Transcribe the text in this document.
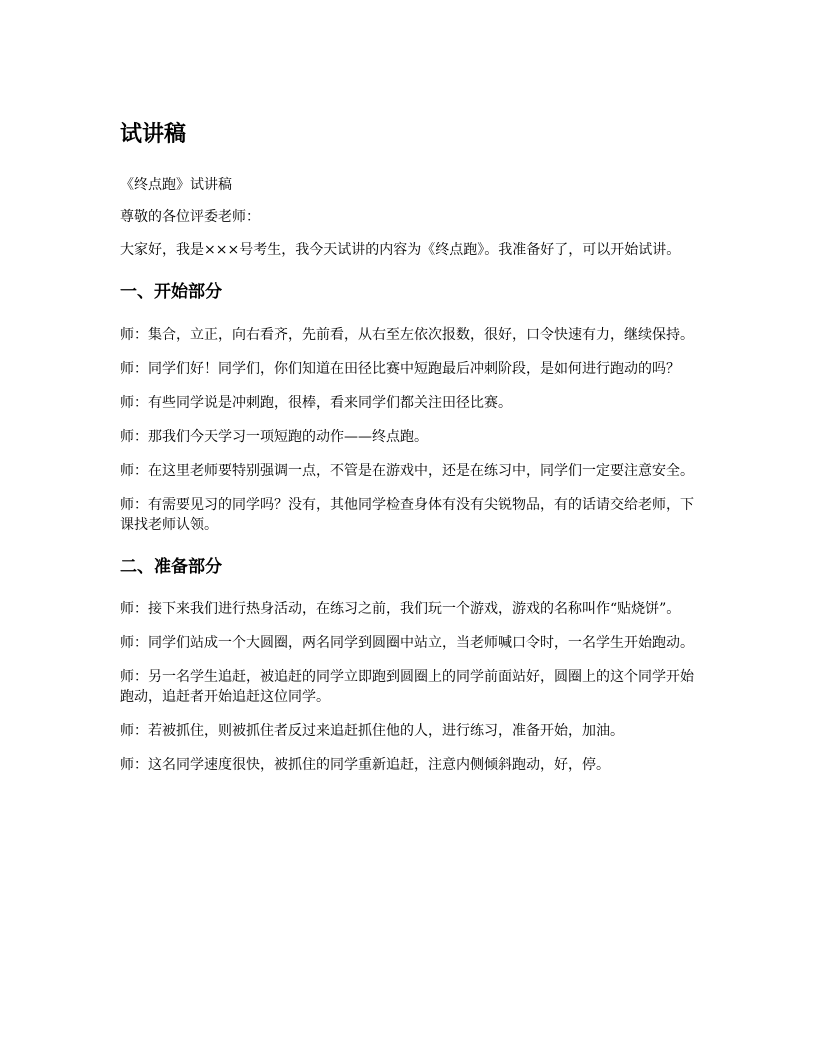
试讲稿

《终点跑》试讲稿

尊敬的各位评委老师：

大家好，我是×××号考生，我今天试讲的内容为《终点跑》。我准备好了，可以开始试讲。

一、开始部分

师：集合，立正，向右看齐，先前看，从右至左依次报数，很好，口令快速有力，继续保持。

师：同学们好！同学们，你们知道在田径比赛中短跑最后冲刺阶段，是如何进行跑动的吗？

师：有些同学说是冲刺跑，很棒，看来同学们都关注田径比赛。

师：那我们今天学习一项短跑的动作——终点跑。

师：在这里老师要特别强调一点，不管是在游戏中，还是在练习中，同学们一定要注意安全。

师：有需要见习的同学吗？没有，其他同学检查身体有没有尖锐物品，有的话请交给老师，下课找老师认领。

二、准备部分

师：接下来我们进行热身活动，在练习之前，我们玩一个游戏，游戏的名称叫作“贴烧饼”。

师：同学们站成一个大圆圈，两名同学到圆圈中站立，当老师喊口令时，一名学生开始跑动。

师：另一名学生追赶，被追赶的同学立即跑到圆圈上的同学前面站好，圆圈上的这个同学开始跑动，追赶者开始追赶这位同学。

师：若被抓住，则被抓住者反过来追赶抓住他的人，进行练习，准备开始，加油。

师：这名同学速度很快，被抓住的同学重新追赶，注意内侧倾斜跑动，好，停。
